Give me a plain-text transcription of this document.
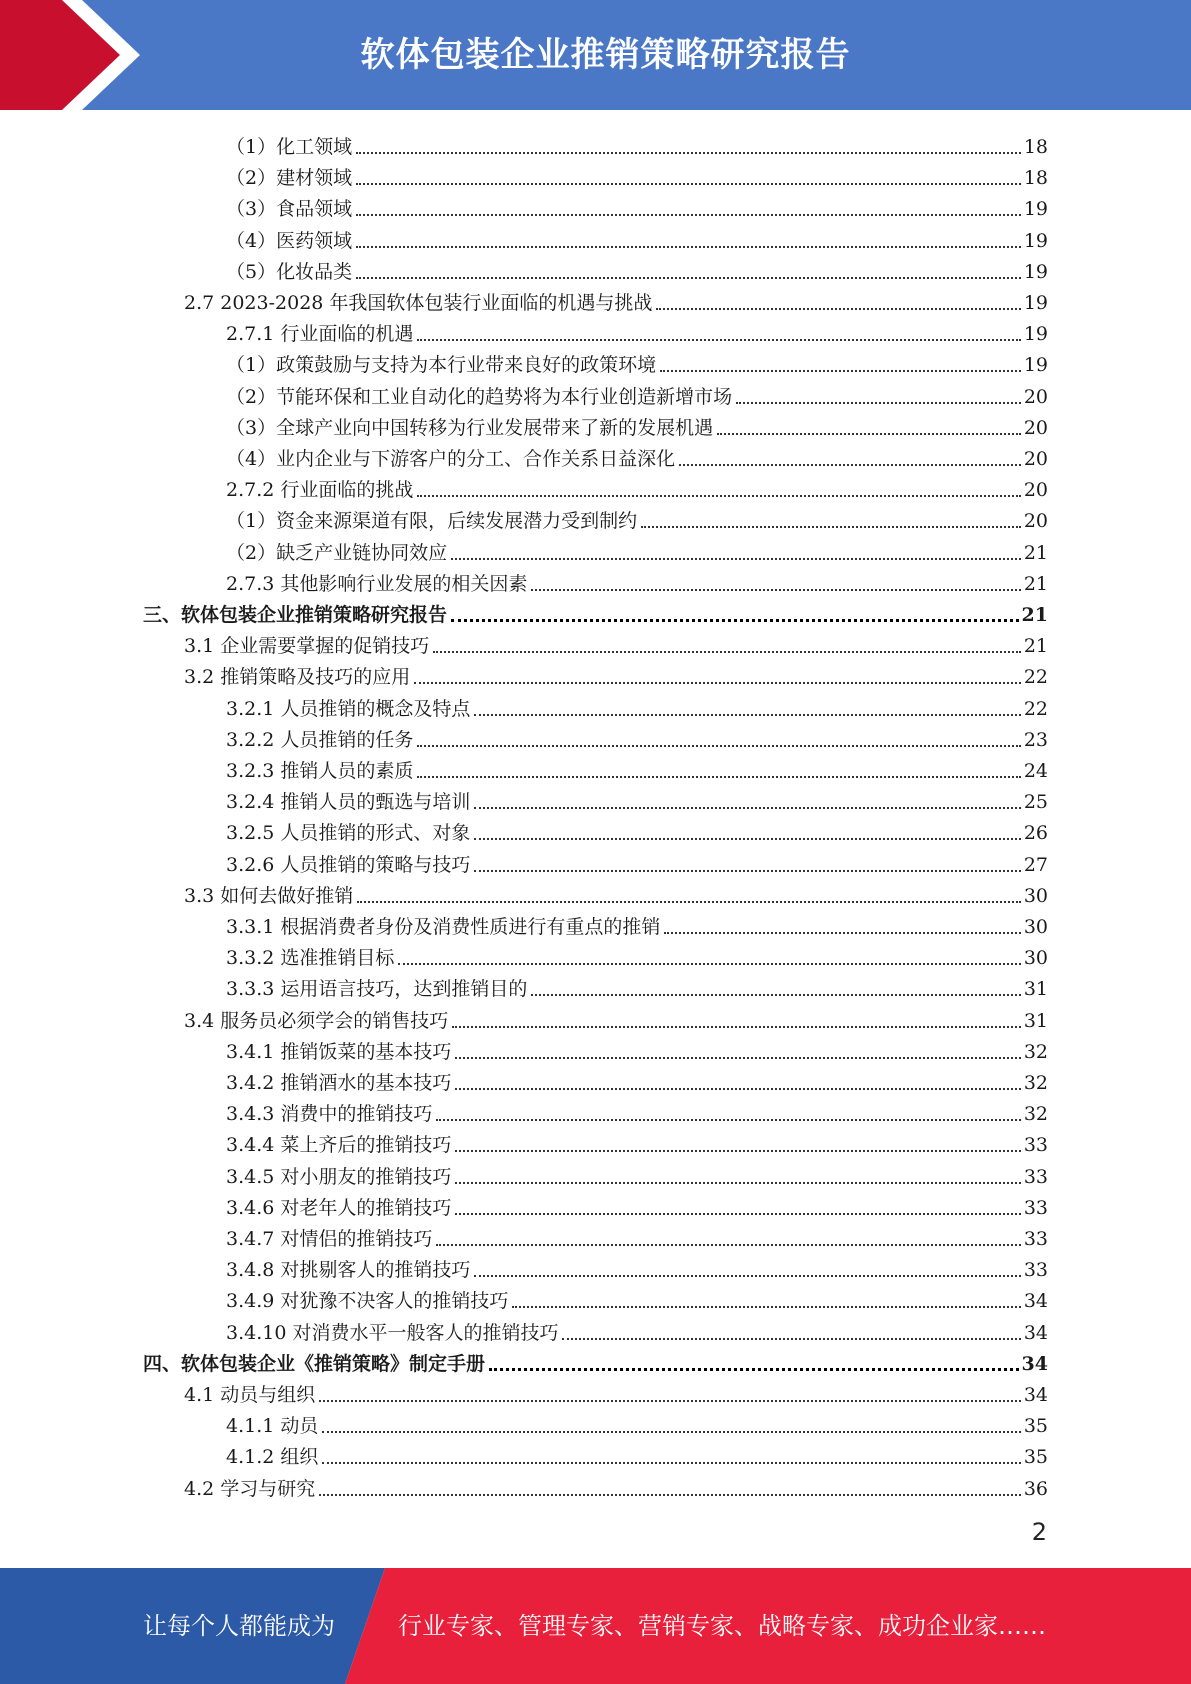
软体包装企业推销策略研究报告
（1）化工领域	18
（2）建材领域	18
（3）食品领域	19
（4）医药领域	19
（5）化妆品类	19
2.7 2023-2028 年我国软体包装行业面临的机遇与挑战	19
2.7.1 行业面临的机遇	19
（1）政策鼓励与支持为本行业带来良好的政策环境	19
（2）节能环保和工业自动化的趋势将为本行业创造新增市场	20
（3）全球产业向中国转移为行业发展带来了新的发展机遇	20
（4）业内企业与下游客户的分工、合作关系日益深化	20
2.7.2 行业面临的挑战	20
（1）资金来源渠道有限，后续发展潜力受到制约	20
（2）缺乏产业链协同效应	21
2.7.3 其他影响行业发展的相关因素	21
三、软体包装企业推销策略研究报告	21
3.1 企业需要掌握的促销技巧	21
3.2 推销策略及技巧的应用	22
3.2.1 人员推销的概念及特点	22
3.2.2 人员推销的任务	23
3.2.3 推销人员的素质	24
3.2.4 推销人员的甄选与培训	25
3.2.5 人员推销的形式、对象	26
3.2.6 人员推销的策略与技巧	27
3.3 如何去做好推销	30
3.3.1 根据消费者身份及消费性质进行有重点的推销	30
3.3.2 选准推销目标	30
3.3.3 运用语言技巧，达到推销目的	31
3.4 服务员必须学会的销售技巧	31
3.4.1 推销饭菜的基本技巧	32
3.4.2 推销酒水的基本技巧	32
3.4.3 消费中的推销技巧	32
3.4.4 菜上齐后的推销技巧	33
3.4.5 对小朋友的推销技巧	33
3.4.6 对老年人的推销技巧	33
3.4.7 对情侣的推销技巧	33
3.4.8 对挑剔客人的推销技巧	33
3.4.9 对犹豫不决客人的推销技巧	34
3.4.10 对消费水平一般客人的推销技巧	34
四、软体包装企业《推销策略》制定手册	34
4.1 动员与组织	34
4.1.1 动员	35
4.1.2 组织	35
4.2 学习与研究	36
2
让每个人都能成为	行业专家、管理专家、营销专家、战略专家、成功企业家……
